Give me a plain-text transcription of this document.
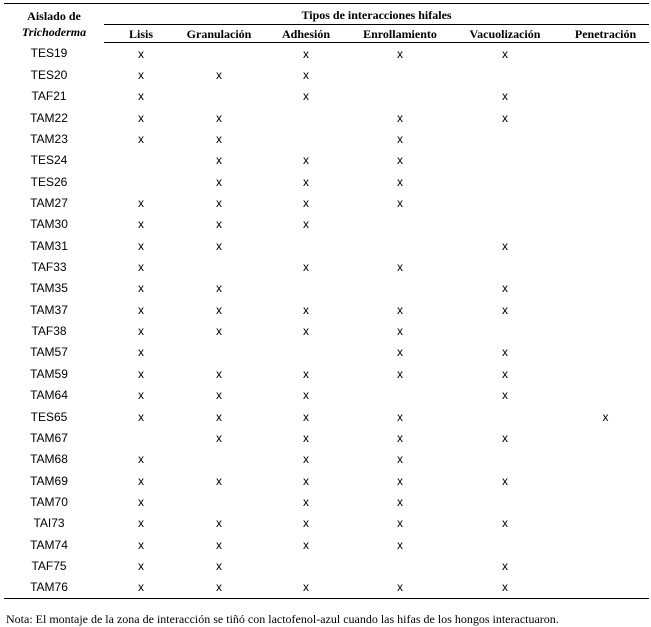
Aislado de
Trichoderma	Tipos de interacciones hifales					
	Lisis	Granulación	Adhesión	Enrollamiento	Vacuolización	Penetración
TES19	x		x	x	x	
TES20	x	x	x			
TAF21	x		x		x	
TAM22	x	x		x	x	
TAM23	x	x		x		
TES24		x	x	x		
TES26		x	x	x		
TAM27	x	x	x	x		
TAM30	x	x	x			
TAM31	x	x			x	
TAF33	x		x	x		
TAM35	x	x			x	
TAM37	x	x	x	x	x	
TAF38	x	x	x	x		
TAM57	x			x	x	
TAM59	x	x	x	x	x	
TAM64	x	x	x		x	
TES65	x	x	x	x		x
TAM67		x	x	x	x	
TAM68	x		x	x		
TAM69	x	x	x	x	x	
TAM70	x		x	x		
TAI73	x	x	x	x	x	
TAM74	x	x	x	x		
TAF75	x	x			x	
TAM76	x	x	x	x	x	
Nota: El montaje de la zona de interacción se tiñó con lactofenol-azul cuando las hifas de los hongos interactuaron.
